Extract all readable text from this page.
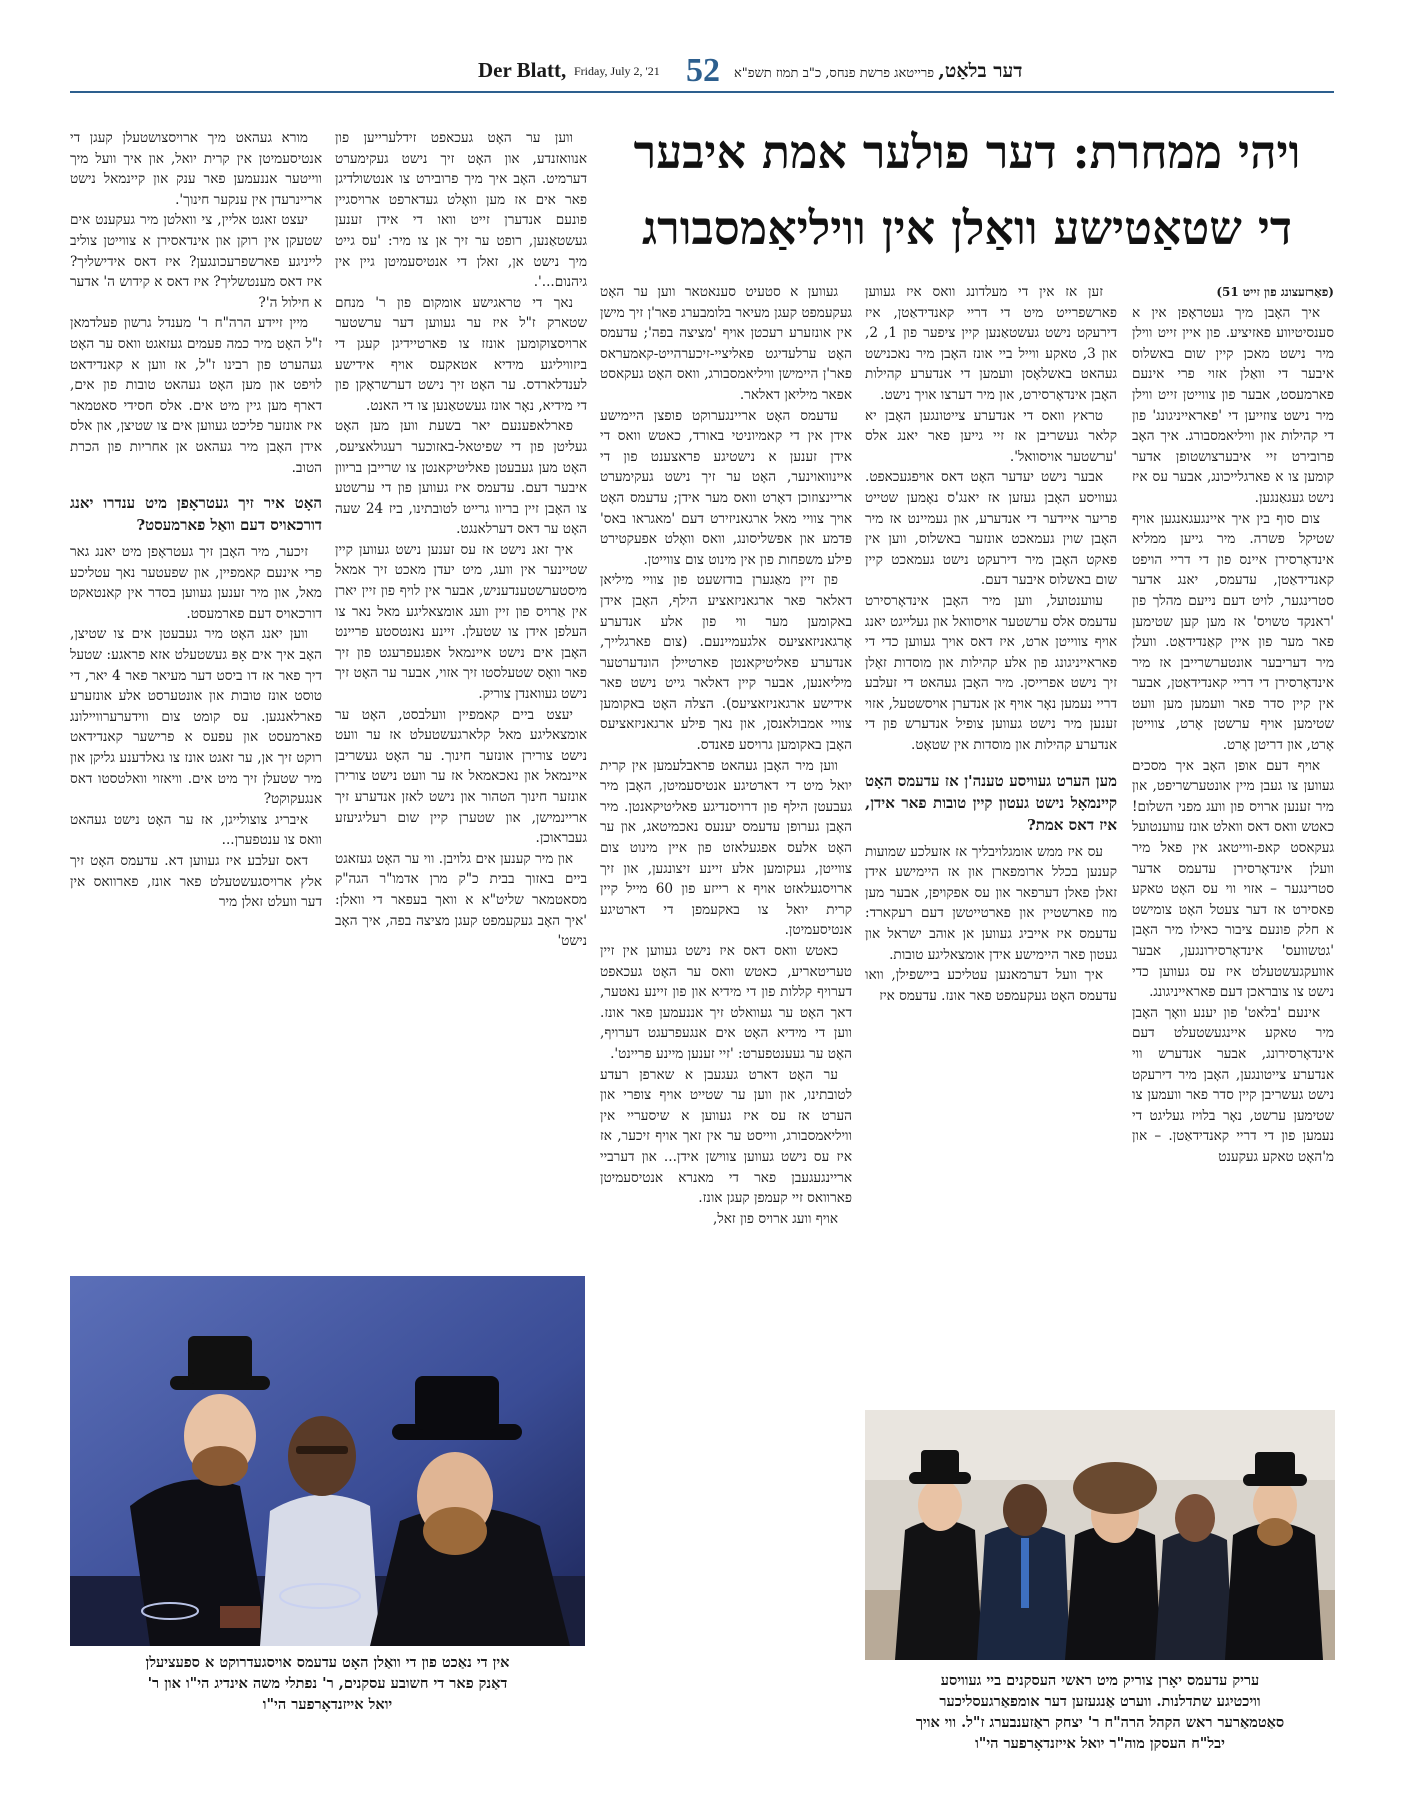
Der Blatt, Friday, July 2, '21 52	דער בלאַט, פרייטאג פרשת פנחס, כ"ב תמוז תשפ"א
ויהי ממחרת: דער פולער אמת איבער
די שטאַטישע וואַלן אין וויליאַמסבורג

(פאַרזעצונג פון זייט 51)

איך האָבן מיך געטראָפן אין א סענסיטיווע פאזיציע. פון איין זייט ווילן מיר נישט מאכן קיין שום באשלוס איבער די וואַלן אזוי פרי אינעם פארמעסט, אבער פון צווייטן זייט ווילן מיר נישט צוזייען די 'פאראייניגונג' פון די קהילות און וויליאמסבורג. איך האָב פרובירט זיי איבערצושטופן אדער קומען צו א פארגלייכונג, אבער עס איז נישט געגאַנגען.

צום סוף בין איך איינגעגאנגען אויף שטיקל פשרה. מיר גייען ממליא אינדאָרסירן איינס פון די דריי הויפט קאנדידאַטן, עדעמס, יאנג אדער סטרינגער, לויט דעם נייעם מהלך פון 'ראנקד טשויס' אז מען קען שטימען פאר מער פון איין קאַנדידאַט. וועלן מיר דעריבער אונטערשרייבן אז מיר אינדאָרסירן די דריי קאנדידאַטן, אבער אין קיין סדר פאר וועמען מען וועט שטימען אויף ערשטן אָרט, צווייטן אָרט, און דריטן אָרט.

אויף דעם אופן האָב איך מסכים געווען צו געבן מיין אונטערשריפט, און מיר זענען ארויס פון וועג מפני השלום! כאטש וואס דאס וואלט אונז עווענטועל געקאסט קאפ-ווייטאג אין פאל מיר וועלן אינדאָרסירן עדעמס אדער סטרינגער – אזוי ווי עס האָט טאקע פאסירט אז דער צעטל האָט צומישט א חלק פונעם ציבור כאילו מיר האָבן 'גטשוועס' אינדאָרסירונגען, אבער אוועקגעשטעלט איז עס געווען כדי נישט צו צובראכן דעם פאראייניגונג.

אינעם 'בלאט' פון יענע וואָך האָבן מיר טאקע איינגעשטעלט דעם אינדאָרסירונג, אבער אנדערש ווי אנדערע צייטונגען, האָבן מיר דירעקט נישט געשריבן קיין סדר פאר וועמען צו שטימען ערשט, נאָר בלויז געליגט די נעמען פון די דריי קאנדידאַטן. – און מ'האָט טאקע געקענט

זען אז אין די מעלדונג וואס איז געווען פארשפרייט מיט די דריי קאנדידאַטן, איז דירעקט נישט געשטאַנען קיין ציפער פון 1, 2, און 3, טאקע ווייל ביי אונז האָבן מיר נאכנישט געהאט באשלאָסן וועמען די אנדערע קהילות האָבן אינדאָרסירט, און מיר דערצו אויך נישט.

טראץ וואס די אנדערע צייטונגען האָבן יא קלאר געשריבן אז זיי גייען פאר יאנג אלס 'ערשטער אויסוואל'.

אבער נישט יעדער האָט דאס אויפגעכאפט. געוויסע האָבן געזען אז יאנג'ס נאָמען שטייט פריער איידער די אנדערע, און געמיינט אז מיר האָבן שוין געמאכט אונזער באשלוס, ווען אין פאקט האָבן מיר דירעקט נישט געמאכט קיין שום באשלוס איבער דעם.

עווענטועל, ווען מיר האָבן אינדאָרסירט עדעמס אלס ערשטער אויסוואל און געלייגט יאנג אויף צווייטן ארט, איז דאס אויך געווען כדי די פאראייניגונג פון אלע קהילות און מוסדות זאָלן זיך נישט אפרייסן. מיר האָבן געהאט די זעלבע דריי נעמען נאָר אויף אן אנדערן אויסשטעל, אזוי זענען מיר נישט געווען צופיל אנדערש פון די אנדערע קהילות און מוסדות אין שטאָט.

מען הערט געוויסע טענה'ן אז עדעמס האָט קיינמאָל נישט געטון קיין טובות פאר אידן, איז דאס אמת?

עס איז ממש אומגלויבליך אז אזעלכע שמועות קענען בכלל ארומפארן און אז היימישע אידן זאלן פאלן דערפאר און עס אפקויפן, אבער מען מוז פארשטיין און פארטייטשן דעם רעקארד: עדעמס איז אייביג געווען אן אוהב ישראל און געטון פאר היימישע אידן אומצאליגע טובות.

איך וועל דערמאנען עטליכע ביישפילן, וואו עדעמס האָט געקעמפט פאר אונז. עדעמס איז

געווען א סטעיט סענאטאר ווען ער האָט געקעמפט קעגן מעיאר בלומבערג פאר'ן זיך מישן אין אונזערע רעכטן אויף 'מציצה בפה'; עדעמס האָט ערלעדיגט פאליציי-זיכערהייט-קאמעראס פאר'ן היימישן וויליאמסבורג, וואס האָט געקאסט אפאר מיליאן דאלאר.

עדעמס האָט אריינגערוקט פופצן היימישע אידן אין די קאמיוניטי באורד, כאטש וואס די אידן זענען א נישטיגע פראצענט פון די איינוואוינער, האָט ער זיך נישט געקימערט אריינצוזוכן דאָרט וואס מער אידן; עדעמס האָט אויך צוויי מאל ארגאניזירט דעם 'מאגראו באס' פּדמע און אפשליסונג, וואס וואָלט אפעקטירט פילע משפחות פון אין מינוט צום צווייטן.

פון זיין מאַגערן בודזשעט פון צוויי מיליאן דאלאר פאר ארגאניזאציע הילף, האָבן אידן באקומען מער ווי פון אלע אנדערע אָרגאניזאציעס אלגעמיינעם. (צום פארגלייך, אנדערע פאליטיקאנטן פארטיילן הונדערטער מיליאנען, אבער קיין דאלאר גייט נישט פאר אידישע ארגאניזאציעס). הצלה האָט באקומען צוויי אמבולאנסן, און נאך פילע ארגאניזאציעס האָבן באקומען גרויסע פאנדס.

ווען מיר האָבן געהאט פראבלעמען אין קרית יואל מיט די דארטיגע אנטיסעמיטן, האָבן מיר געבעטן הילף פון דרויסנדיגע פאליטיקאנטן. מיר האָבן גערופן עדעמס יענעס נאכמיטאג, און ער האָט אלעס אפגעלאזט פון איין מינוט צום צווייטן, געקומען אלע זיינע זיצונגען, און זיך ארויסגעלאזט אויף א רייזע פון 60 מייל קיין קרית יואל צו באקעמפן די דארטיגע אנטיסעמיטן.

כאטש וואס דאס איז נישט געווען אין זיין טעריטאריע, כאטש וואס ער האָט געכאפט דערויף קללות פון די מידיא און פון זיינע נאטער, דאך האָט ער געוואלט זיך אננעמען פאר אונז. ווען די מידיא האָט אים אנגעפרעגט דערויף, האָט ער געענטפערט: 'זיי זענען מיינע פריינט'.

ער האָט דארט געגעבן א שארפן רעדע לטובתינו, און ווען ער שטייט אויף צופרי און הערט אז עס איז געווען א שיסעריי אין וויליאמסבורג, ווייסט ער אין זאך אויף זיכער, אז איז עס נישט געווען צווישן אידן... און דערביי אריינגעגעבן פאר די מאנרא אנטיסעמיטן פארוואס זיי קעמפן קעגן אונז.

אויף וועג ארויס פון זאל,

ווען ער האָט געכאפט זידלערייען פון אנוואזנדע, און האָט זיך נישט געקימערט דערמיט. האָב איך מיך פרובירט צו אנטשולדיגן פאר אים אז מען וואָלט געדארפט ארויסגיין פונעם אנדערן זייט וואו די אידן זענען געשטאַנען, רופט ער זיך אן צו מיר: 'עס גייט מיך נישט אן, זאלן די אנטיסעמיטן גיין אין גיהנום...'.

נאך די טראגישע אומקום פון ר' מנחם שטארק ז"ל איז ער געווען דער ערשטער ארויסצוקומען אונזז צו פארטיידיגן קעגן די ביזוויליגע מידיא אטאקעס אויף אידישע לענדלארדס. ער האָט זיך נישט דערשראָקן פון די מידיא, נאָר אונז געשטאַנען צו די האנט.

פארלאפענעם יאר בשעת ווען מען האָט געליטן פון די שפיטאל-באזוכער רעגולאציעס, האָט מען געבעטן פאליטיקאנטן צו שרייבן בריוון איבער דעם. עדעמס איז געווען פון די ערשטע צו האָבן זיין בריוו גרייט לטובתינו, ביז 24 שעה האָט ער דאס דערלאנגט.

איך זאג נישט אז עס זענען נישט געווען קיין שטיינער אין וועג, מיט יעדן מאכט זיך אמאל מיסטערשטענדעניש, אבער אין לויף פון זיין יארן אין אַרויס פון זיין וועג אומצאליגע מאל נאר צו העלפן אידן צו שטעלן. זיינע נאנטסטע פריינט האָבן אים נישט איינמאל אפגעפרעגט פון זיך פאר וואָס שטעלסטו זיך אזוי, אבער ער האָט זיך נישט געוואנדן צוריק.

יעצט ביים קאמפיין וועלבסט, האָט ער אומצאליגע מאל קלארגעשטעלט אז ער וועט נישט צורירן אונזער חינוך. ער האָט געשריבן איינמאל און נאכאמאל אז ער וועט נישט צורירן אונזער חינוך הטהור און נישט לאזן אנדערע זיך אריינמישן, און שטערן קיין שום רעליגיעזע געבראוכן.

און מיר קענען אים גלויבן. ווי ער האָט געזאגט ביים באזוך בבית כ"ק מרן אדמו"ר הגה"ק מסאטמאר שליט"א א וואך בעפאר די וואלן: 'איך האָב געקעמפט קעגן מציצה בפה, איך האָב נישט'

מורא געהאט מיך ארויסצושטעלן קעגן די אנטיסעמיטן אין קרית יואל, און איך וועל מיך ווייטער אננעמען פאר ענק און קיינמאל נישט אריינרעדן אין ענקער חינוך'.

יעצט זאגט אליין, צי וואלטן מיר געקענט אים שטעקן אין רוקן און אינדאסירן א צווייטן צוליב לייניגע פארשפרעכונגען? איז דאס אידישליך? איז דאס מענטשליך? איז דאס א קידוש ה' אדער א חילול ה'?

מיין זיידע הרה"ח ר' מענדל גרשון פעלדמאן ז"ל האָט מיר כמה פעמים געזאגט וואס ער האָט געהערט פון רבינו ז"ל, אז ווען א קאנדידאט לויפט און מען האָט געהאט טובות פון אים, דארף מען גיין מיט אים. אלס חסידי סאטמאר איז אונזער פליכט געווען אים צו שטיצן, און אלס אידן האָבן מיר געהאט אן אחריות פון הכרת הטוב.

האָט איר זיך געטראָפן מיט ענדרו יאנג דורכאויס דעם וואַל פארמעסט?

זיכער, מיר האָבן זיך געטראָפן מיט יאנג גאר פרי אינעם קאמפיין, און שפעטער נאך עטליכע מאל, און מיר זענען געווען בסדר אין קאנטאקט דורכאויס דעם פארמעסט.

ווען יאנג האָט מיר געבעטן אים צו שטיצן, האָב איך אים אָפּ געשטעלט אזא פראגע: שטעל דיך פאר אז דו ביסט דער מעיאר פאר 4 יאר, די טוסט אונז טובות און אונטערסט אלע אונזערע פארלאנגען. עס קומט צום ווידערערוויילונג פארמעסט און עפעס א פרישער קאנדידאט רוקט זיך אן, ער זאגט אונז צו גאלדענע גליקן און מיר שטעלן זיך מיט אים. וויאזוי וואלטסטו דאס אנגעקוקט?

איבריג צוצולייגן, אז ער האָט נישט געהאט וואס צו ענטפערן...

דאס זעלבע איז געווען דא. עדעמס האָט זיך אלץ ארויסגעשטעלט פאר אונז, פארוואס אין דער וועלט זאלן מיר

אין די נאַכט פון די וואַלן האָט עדעמס אויסגעדרוקט א ספעציעלן
דאַנק פאר די חשובע עסקנים, ר' נפתלי משה אינדיג הי"ו און ר'
יואל אייזנדאָרפער הי"ו
עריק עדעמס יאָרן צוריק מיט ראשי העסקנים ביי געוויסע
וויכטיגע שתדלנות. ווערט אַנגעזען דער אומפאַרגעסליכער
סאַטמאַרער ראש הקהל הרה"ח ר' יצחק ראַזענבערג ז"ל. ווי אויך
יבל"ח העסקן מוה"ר יואל אייזנדאָרפער הי"ו
